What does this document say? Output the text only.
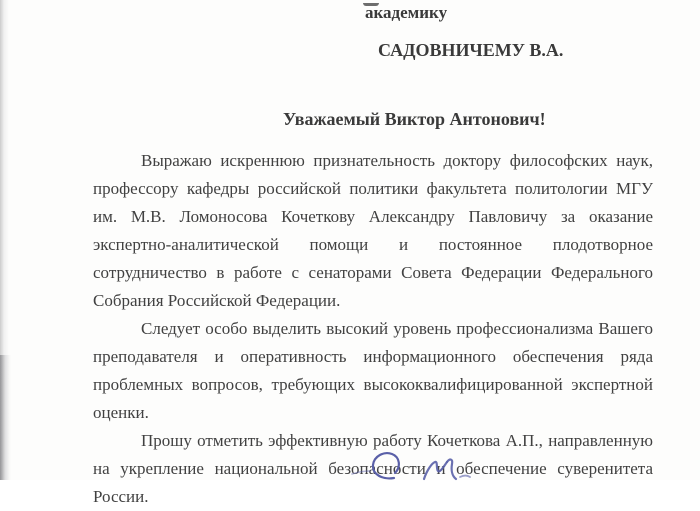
академику
САДОВНИЧЕМУ В.А.
Уважаемый Виктор Антонович!

Выражаю искреннюю признательность доктору философских наук, профессору кафедры российской политики факультета политологии МГУ им. М.В. Ломоносова Кочеткову Александру Павловичу за оказание экспертно-аналитической помощи и постоянное плодотворное сотрудничество в работе с сенаторами Совета Федерации Федерального Собрания Российской Федерации.

Следует особо выделить высокий уровень профессионализма Вашего преподавателя и оперативность информационного обеспечения ряда проблемных вопросов, требующих высококвалифицированной экспертной оценки.

Прошу отметить эффективную работу Кочеткова А.П., направленную на укрепление национальной безопасности и обеспечение суверенитета России.
